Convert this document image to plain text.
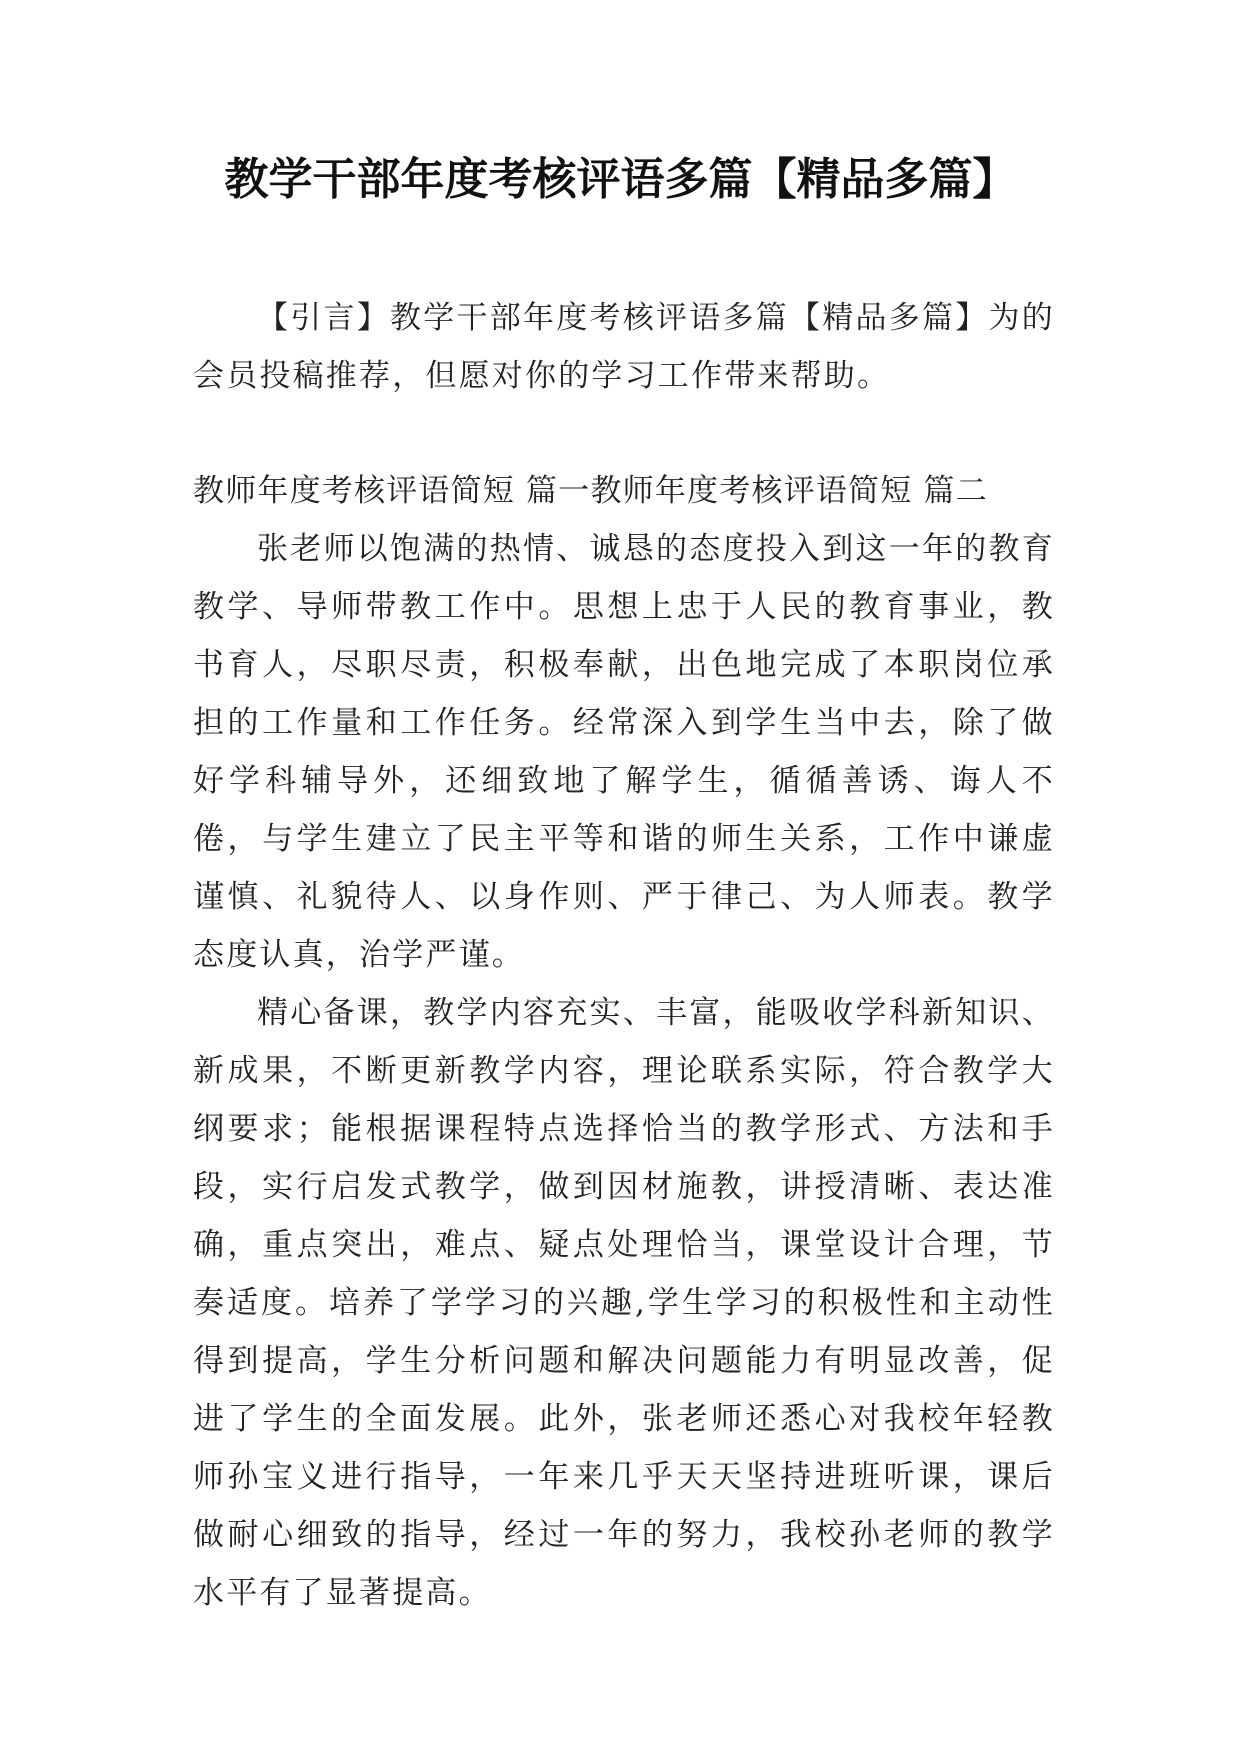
教学干部年度考核评语多篇【精品多篇】

【引言】教学干部年度考核评语多篇【精品多篇】为的会员投稿推荐，但愿对你的学习工作带来帮助。

教师年度考核评语简短 篇一教师年度考核评语简短 篇二

张老师以饱满的热情、诚恳的态度投入到这一年的教育教学、导师带教工作中。思想上忠于人民的教育事业，教书育人，尽职尽责，积极奉献，出色地完成了本职岗位承担的工作量和工作任务。经常深入到学生当中去，除了做好学科辅导外，还细致地了解学生，循循善诱、诲人不倦，与学生建立了民主平等和谐的师生关系，工作中谦虚谨慎、礼貌待人、以身作则、严于律己、为人师表。教学态度认真，治学严谨。

精心备课，教学内容充实、丰富，能吸收学科新知识、新成果，不断更新教学内容，理论联系实际，符合教学大纲要求；能根据课程特点选择恰当的教学形式、方法和手段，实行启发式教学，做到因材施教，讲授清晰、表达准确，重点突出，难点、疑点处理恰当，课堂设计合理，节奏适度。培养了学学习的兴趣,学生学习的积极性和主动性得到提高，学生分析问题和解决问题能力有明显改善，促进了学生的全面发展。此外，张老师还悉心对我校年轻教师孙宝义进行指导，一年来几乎天天坚持进班听课，课后做耐心细致的指导，经过一年的努力，我校孙老师的教学水平有了显著提高。
